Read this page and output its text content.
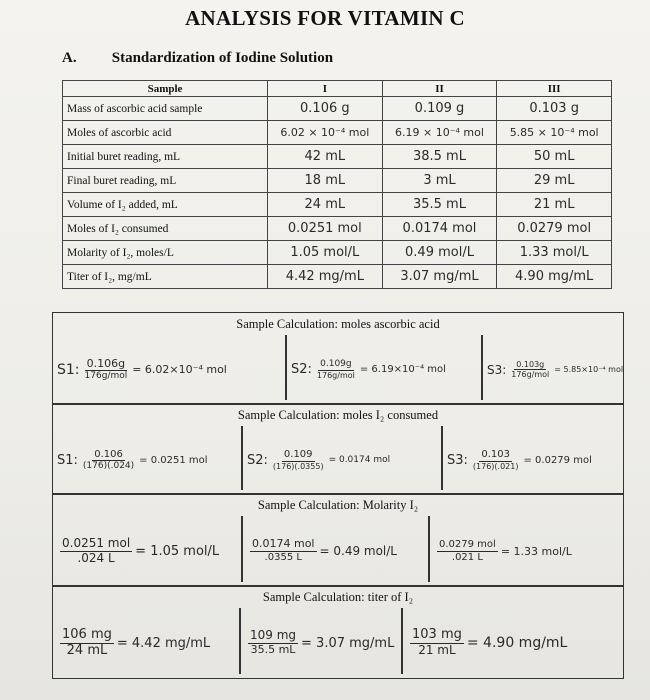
ANALYSIS FOR VITAMIN C
A. Standardization of Iodine Solution
Sample	I	II	III
Mass of ascorbic acid sample	0.106 g	0.109 g	0.103 g
Moles of ascorbic acid	6.02 × 10⁻⁴ mol	6.19 × 10⁻⁴ mol	5.85 × 10⁻⁴ mol
Initial buret reading, mL	42 mL	38.5 mL	50 mL
Final buret reading, mL	18 mL	3 mL	29 mL
Volume of I₂ added, mL	24 mL	35.5 mL	21 mL
Moles of I₂ consumed	0.0251 mol	0.0174 mol	0.0279 mol
Molarity of I₂, moles/L	1.05 mol/L	0.49 mol/L	1.33 mol/L
Titer of I₂, mg/mL	4.42 mg/mL	3.07 mg/mL	4.90 mg/mL
Sample Calculation: moles ascorbic acid
S1: $\frac{0.106g}{\text{176g/mol}} = 6.02\times 10^{-4}$ mol	S2: $\frac{0.109g}{\text{176g/mol}} = 6.19\times 10^{-4}$ mol	S3: $\frac{0.103g}{\text{176g/mol}} = 5.85\times 10^{-4}$ mol
Sample Calculation: moles I₂ consumed
S1: $\frac{0.106}{(176)(.024)} = 0.0251$ mol	S2: $\frac{0.109}{(176)(.0355)} = 0.0174$ mol	S3: $\frac{0.103}{(176)(.021)} = 0.0279$ mol
Sample Calculation: Molarity I₂
$\frac{\text{0.0251 mol}}{.024 L} = 1.05$ mol/L	$\frac{\text{0.0174 mol}}{.0355 L} = 0.49$ mol/L	$\frac{\text{0.0279 mol}}{.021 L} = 1.33$ mol/L
Sample Calculation: titer of I₂
$\frac{106 mg}{24 mL} = 4.42$ mg/mL	$\frac{109 mg}{35.5 mL} = 3.07$ $mg/mL \frac{103 mg}{21 mL} = 4.90$ mg/mL
